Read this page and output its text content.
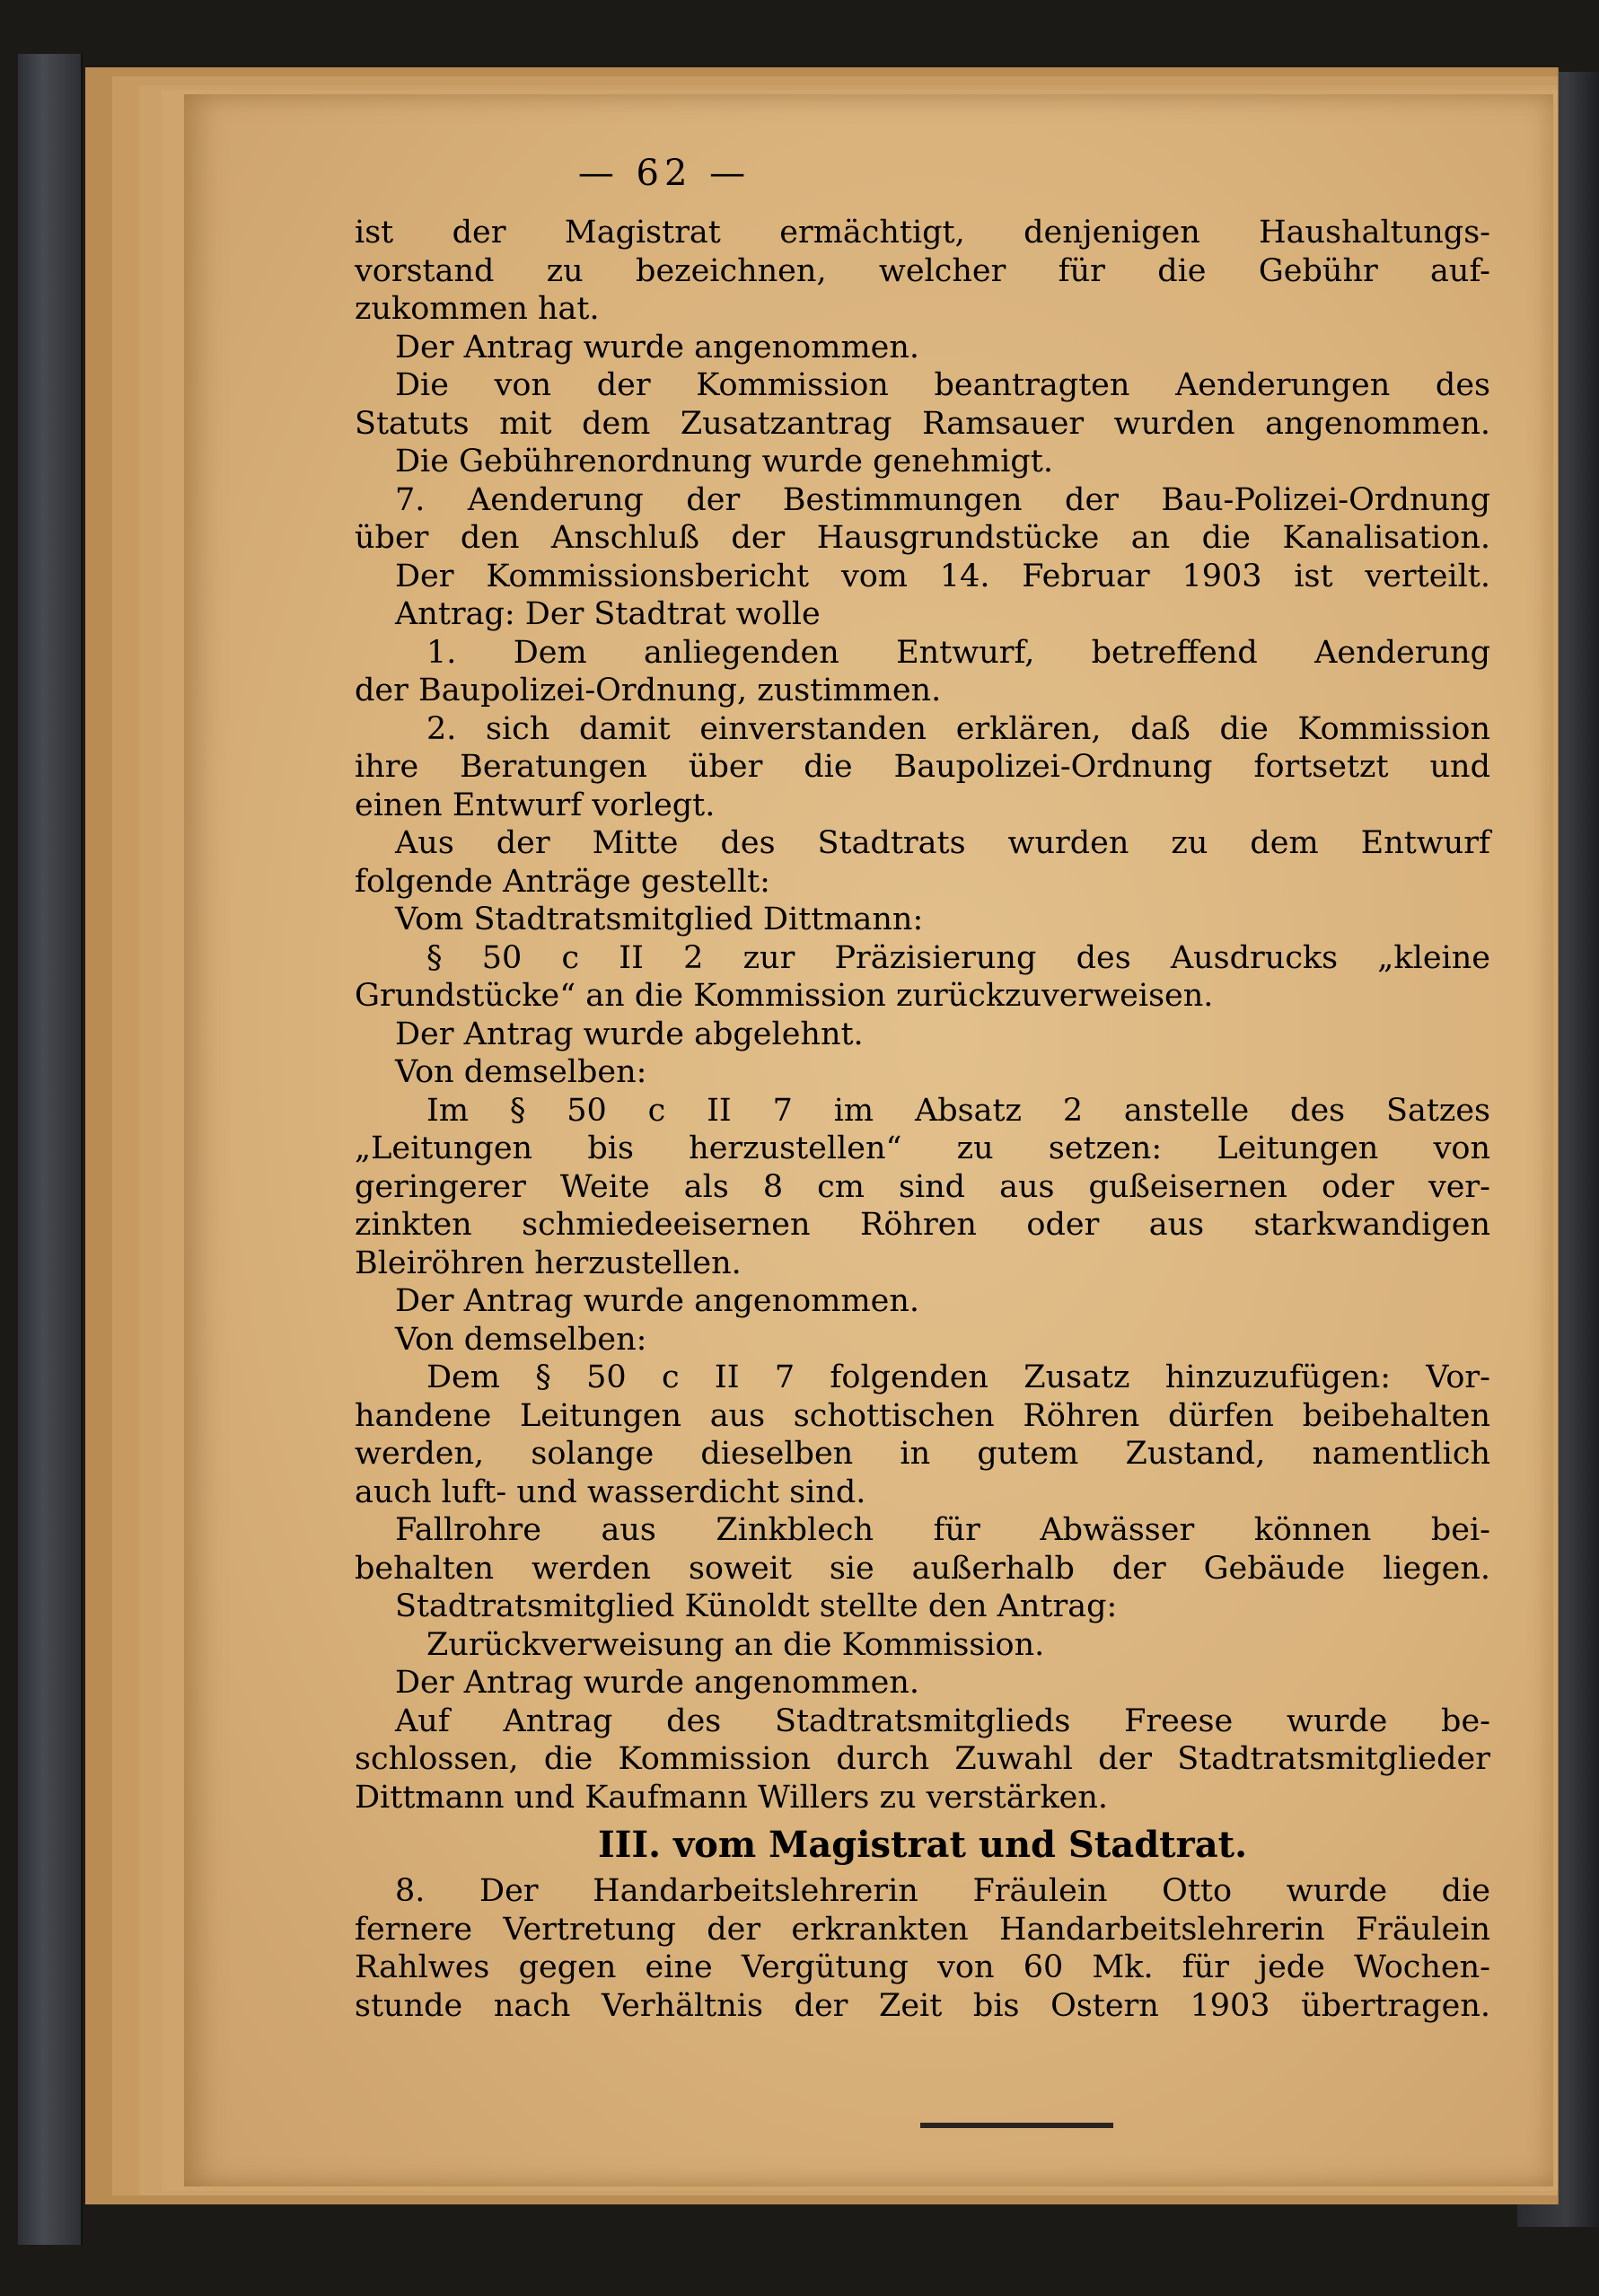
— 62 —

ist der Magistrat ermächtigt, denjenigen Haushaltungs-
vorstand zu bezeichnen, welcher für die Gebühr auf-
zukommen hat.
Der Antrag wurde angenommen.
Die von der Kommission beantragten Aenderungen des
Statuts mit dem Zusatzantrag Ramsauer wurden angenommen.
Die Gebührenordnung wurde genehmigt.
7. Aenderung der Bestimmungen der Bau-Polizei-Ordnung
über den Anschluß der Hausgrundstücke an die Kanalisation.
Der Kommissionsbericht vom 14. Februar 1903 ist verteilt.
Antrag: Der Stadtrat wolle
1. Dem anliegenden Entwurf, betreffend Aenderung
der Baupolizei-Ordnung, zustimmen.
2. sich damit einverstanden erklären, daß die Kommission
ihre Beratungen über die Baupolizei-Ordnung fortsetzt und
einen Entwurf vorlegt.
Aus der Mitte des Stadtrats wurden zu dem Entwurf
folgende Anträge gestellt:
Vom Stadtratsmitglied Dittmann:
§ 50 c II 2 zur Präzisierung des Ausdrucks „kleine
Grundstücke“ an die Kommission zurückzuverweisen.
Der Antrag wurde abgelehnt.
Von demselben:
Im § 50 c II 7 im Absatz 2 anstelle des Satzes
„Leitungen bis herzustellen“ zu setzen: Leitungen von
geringerer Weite als 8 cm sind aus gußeisernen oder ver-
zinkten schmiedeeisernen Röhren oder aus starkwandigen
Bleiröhren herzustellen.
Der Antrag wurde angenommen.
Von demselben:
Dem § 50 c II 7 folgenden Zusatz hinzuzufügen: Vor-
handene Leitungen aus schottischen Röhren dürfen beibehalten
werden, solange dieselben in gutem Zustand, namentlich
auch luft- und wasserdicht sind.
Fallrohre aus Zinkblech für Abwässer können bei-
behalten werden soweit sie außerhalb der Gebäude liegen.
Stadtratsmitglied Künoldt stellte den Antrag:
Zurückverweisung an die Kommission.
Der Antrag wurde angenommen.
Auf Antrag des Stadtratsmitglieds Freese wurde be-
schlossen, die Kommission durch Zuwahl der Stadtratsmitglieder
Dittmann und Kaufmann Willers zu verstärken.
III. vom Magistrat und Stadtrat.
8. Der Handarbeitslehrerin Fräulein Otto wurde die
fernere Vertretung der erkrankten Handarbeitslehrerin Fräulein
Rahlwes gegen eine Vergütung von 60 Mk. für jede Wochen-
stunde nach Verhältnis der Zeit bis Ostern 1903 übertragen.
